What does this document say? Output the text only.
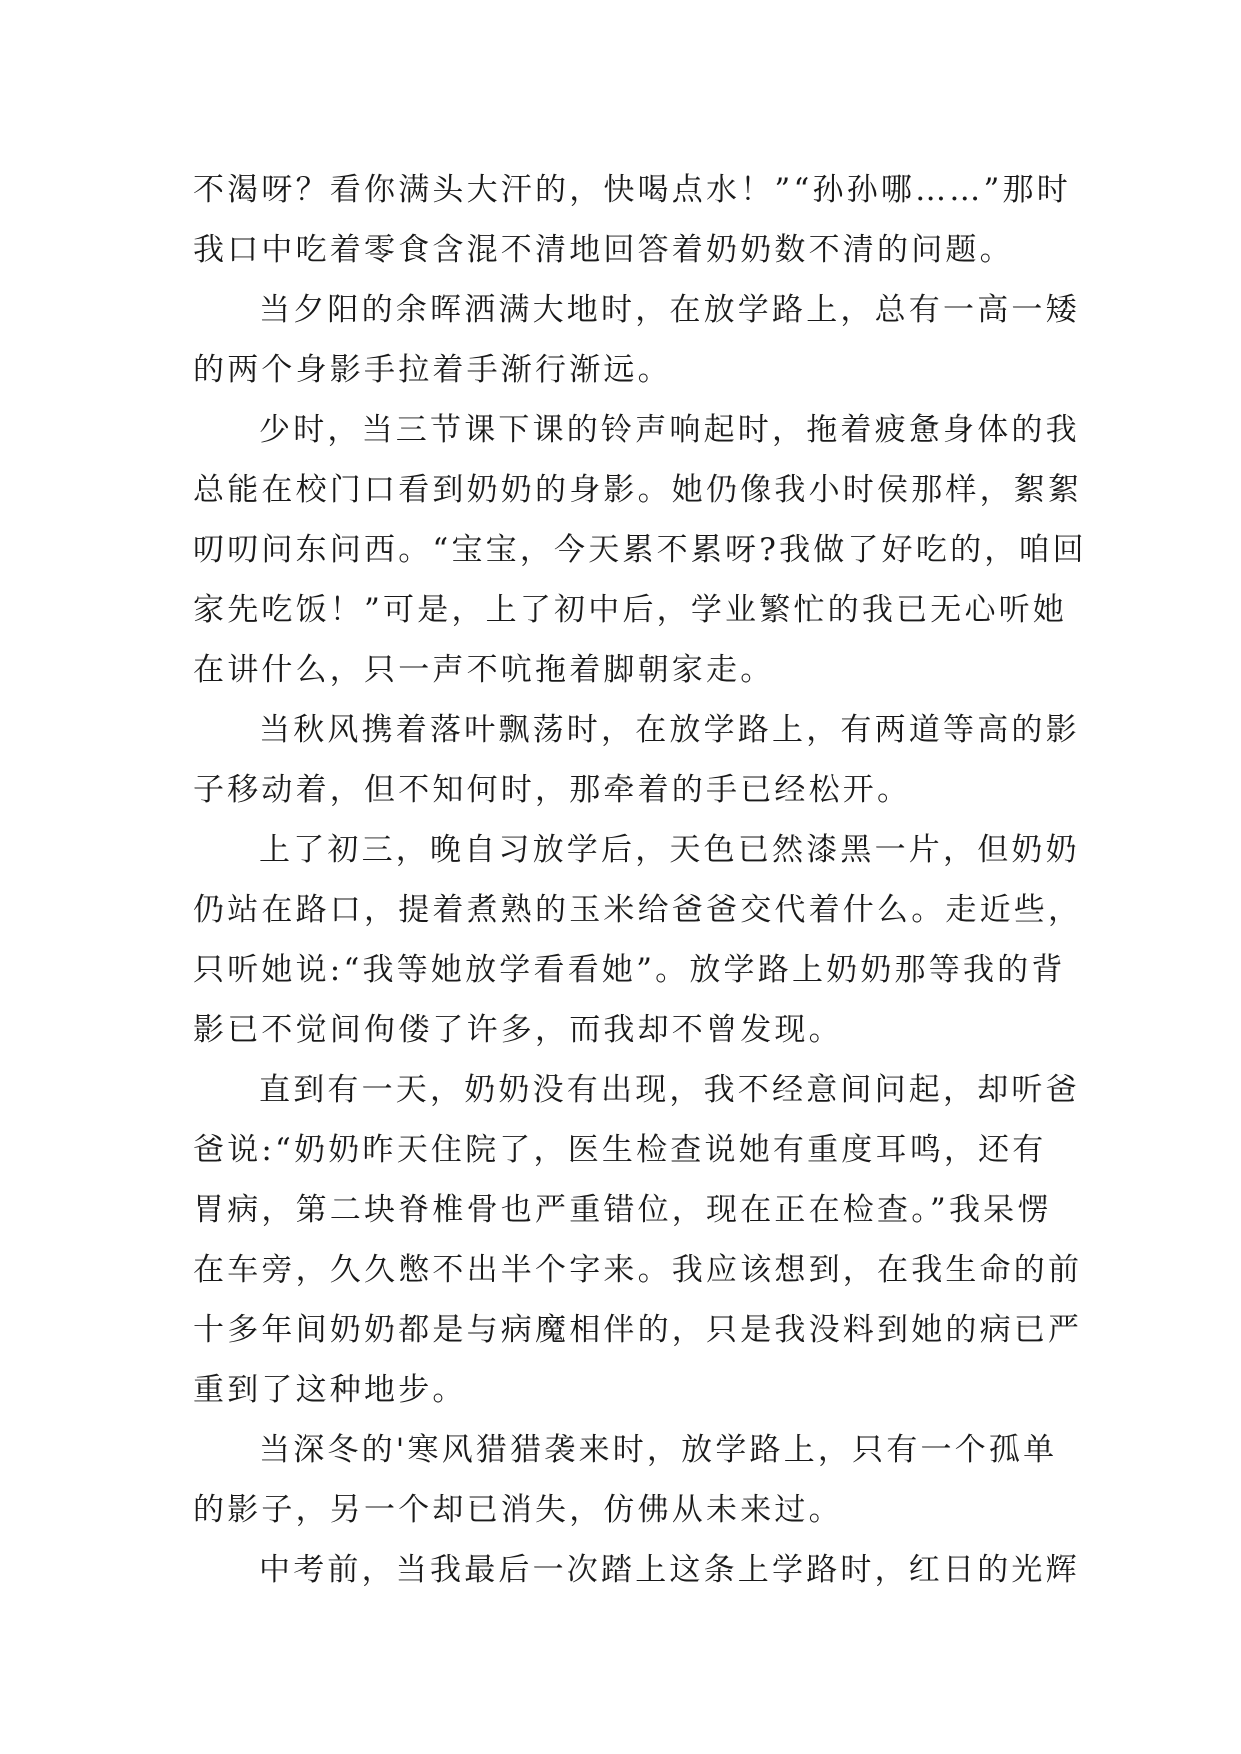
不渴呀？看你满头大汗的，快喝点水！”“孙孙哪……”那时
我口中吃着零食含混不清地回答着奶奶数不清的问题。
当夕阳的余晖洒满大地时，在放学路上，总有一高一矮
的两个身影手拉着手渐行渐远。
少时，当三节课下课的铃声响起时，拖着疲惫身体的我
总能在校门口看到奶奶的身影。她仍像我小时侯那样，絮絮
叨叨问东问西。“宝宝，今天累不累呀?我做了好吃的，咱回
家先吃饭！”可是，上了初中后，学业繁忙的我已无心听她
在讲什么，只一声不吭拖着脚朝家走。
当秋风携着落叶飘荡时，在放学路上，有两道等高的影
子移动着，但不知何时，那牵着的手已经松开。
上了初三，晚自习放学后，天色已然漆黑一片，但奶奶
仍站在路口，提着煮熟的玉米给爸爸交代着什么。走近些，
只听她说:“我等她放学看看她”。放学路上奶奶那等我的背
影已不觉间佝偻了许多，而我却不曾发现。
直到有一天，奶奶没有出现，我不经意间问起，却听爸
爸说:“奶奶昨天住院了，医生检查说她有重度耳鸣，还有
胃病，第二块脊椎骨也严重错位，现在正在检查。”我呆愣
在车旁，久久憋不出半个字来。我应该想到，在我生命的前
十多年间奶奶都是与病魔相伴的，只是我没料到她的病已严
重到了这种地步。
当深冬的'寒风猎猎袭来时，放学路上，只有一个孤单
的影子，另一个却已消失，仿佛从未来过。
中考前，当我最后一次踏上这条上学路时，红日的光辉
